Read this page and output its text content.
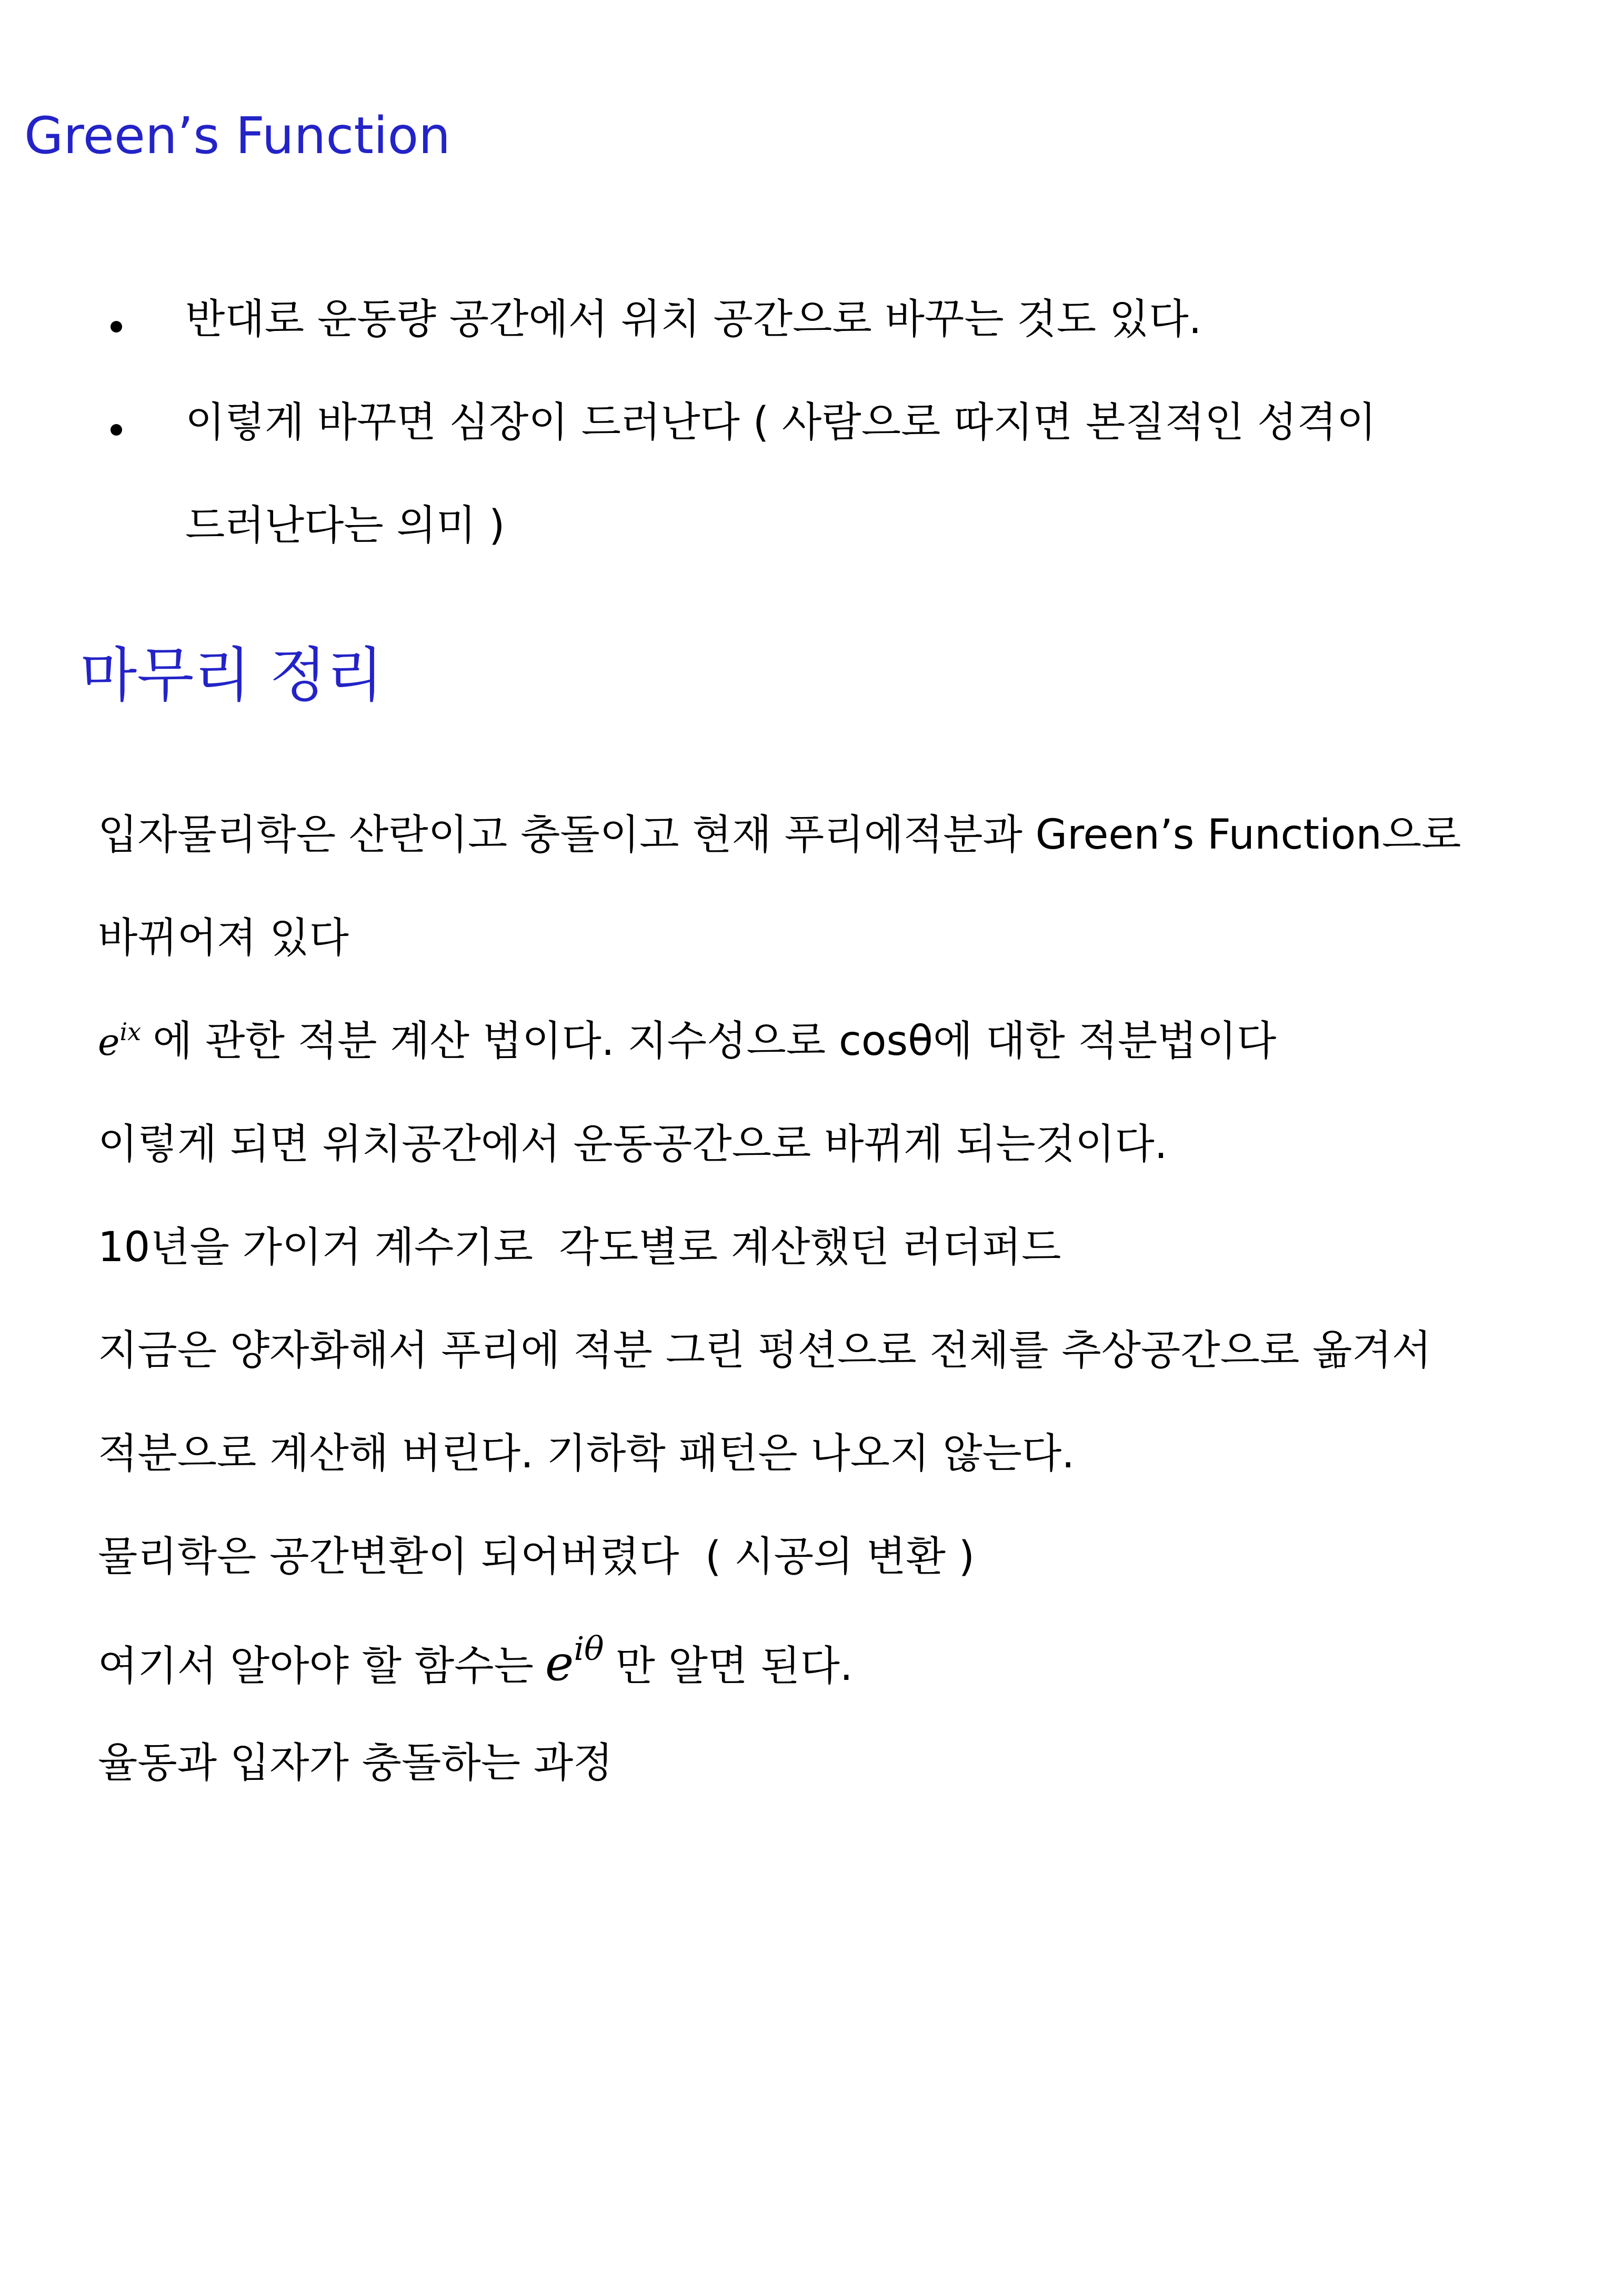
Green’s Function
반대로 운동량 공간에서 위치 공간으로 바꾸는 것도 있다.
이렇게 바꾸면 심장이 드러난다 ( 사람으로 따지면 본질적인 성격이
드러난다는 의미 )
마무리 정리
입자물리학은 산란이고 충돌이고 현재 푸리에적분과 Green’s Function으로
바뀌어져 있다
$e^{ix}$ 에 관한 적분 계산 법이다. 지수성으로 cosθ에 대한 적분법이다
이렇게 되면 위치공간에서 운동공간으로 바뀌게 되는것이다.
10년을 가이거 계수기로  각도별로 계산했던 러더퍼드
지금은 양자화해서 푸리에 적분 그린 펑션으로 전체를 추상공간으로 옮겨서
적분으로 계산해 버린다. 기하학 패턴은 나오지 않는다.
물리학은 공간변환이 되어버렸다  ( 시공의 변환 )
여기서 알아야 할 함수는 $e^{i\theta}$ 만 알면 된다.
율동과 입자가 충돌하는 과정
